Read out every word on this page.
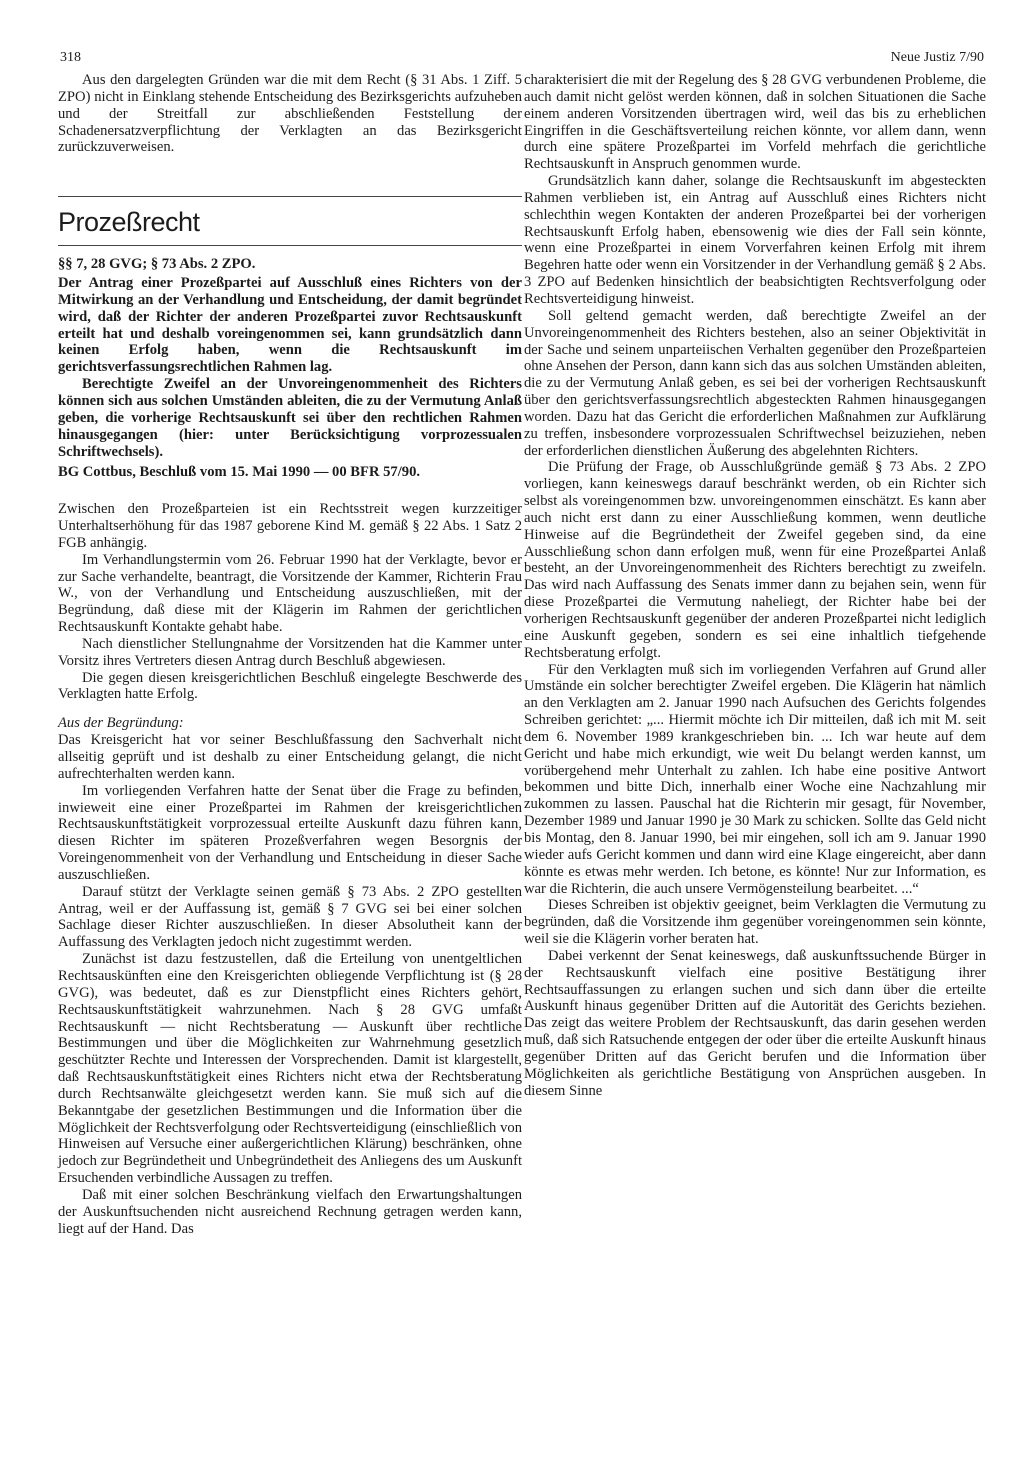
318	Neue Justiz 7/90

Aus den dargelegten Gründen war die mit dem Recht (§ 31 Abs. 1 Ziff. 5 ZPO) nicht in Einklang stehende Entscheidung des Bezirksgerichts aufzuheben und der Streitfall zur abschließenden Feststellung der Schadenersatzverpflichtung der Verklagten an das Bezirksgericht zurückzuverweisen.

Prozeßrecht
§§ 7, 28 GVG; § 73 Abs. 2 ZPO.

Der Antrag einer Prozeßpartei auf Ausschluß eines Richters von der Mitwirkung an der Verhandlung und Entscheidung, der damit begründet wird, daß der Richter der anderen Prozeßpartei zuvor Rechtsauskunft erteilt hat und deshalb voreingenommen sei, kann grundsätzlich dann keinen Erfolg haben, wenn die Rechtsauskunft im gerichtsverfassungsrechtlichen Rahmen lag.

Berechtigte Zweifel an der Unvoreingenommenheit des Richters können sich aus solchen Umständen ableiten, die zu der Vermutung Anlaß geben, die vorherige Rechtsauskunft sei über den rechtlichen Rahmen hinausgegangen (hier: unter Berücksichtigung vorprozessualen Schriftwechsels).

BG Cottbus, Beschluß vom 15. Mai 1990 — 00 BFR 57/90.

Zwischen den Prozeßparteien ist ein Rechtsstreit wegen kurzzeitiger Unterhaltserhöhung für das 1987 geborene Kind M. gemäß § 22 Abs. 1 Satz 2 FGB anhängig.

Im Verhandlungstermin vom 26. Februar 1990 hat der Verklagte, bevor er zur Sache verhandelte, beantragt, die Vorsitzende der Kammer, Richterin Frau W., von der Verhandlung und Entscheidung auszuschließen, mit der Begründung, daß diese mit der Klägerin im Rahmen der gerichtlichen Rechtsauskunft Kontakte gehabt habe.

Nach dienstlicher Stellungnahme der Vorsitzenden hat die Kammer unter Vorsitz ihres Vertreters diesen Antrag durch Beschluß abgewiesen.

Die gegen diesen kreisgerichtlichen Beschluß eingelegte Beschwerde des Verklagten hatte Erfolg.

Aus der Begründung:

Das Kreisgericht hat vor seiner Beschlußfassung den Sachverhalt nicht allseitig geprüft und ist deshalb zu einer Entscheidung gelangt, die nicht aufrechterhalten werden kann.

Im vorliegenden Verfahren hatte der Senat über die Frage zu befinden, inwieweit eine einer Prozeßpartei im Rahmen der kreisgerichtlichen Rechtsauskunftstätigkeit vorprozessual erteilte Auskunft dazu führen kann, diesen Richter im späteren Prozeßverfahren wegen Besorgnis der Voreingenommenheit von der Verhandlung und Entscheidung in dieser Sache auszuschließen.

Darauf stützt der Verklagte seinen gemäß § 73 Abs. 2 ZPO gestellten Antrag, weil er der Auffassung ist, gemäß § 7 GVG sei bei einer solchen Sachlage dieser Richter auszuschließen. In dieser Absolutheit kann der Auffassung des Verklagten jedoch nicht zugestimmt werden.

Zunächst ist dazu festzustellen, daß die Erteilung von unentgeltlichen Rechtsauskünften eine den Kreisgerichten obliegende Verpflichtung ist (§ 28 GVG), was bedeutet, daß es zur Dienstpflicht eines Richters gehört, Rechtsauskunftstätigkeit wahrzunehmen. Nach § 28 GVG umfaßt Rechtsauskunft — nicht Rechtsberatung — Auskunft über rechtliche Bestimmungen und über die Möglichkeiten zur Wahrnehmung gesetzlich geschützter Rechte und Interessen der Vorsprechenden. Damit ist klargestellt, daß Rechtsauskunftstätigkeit eines Richters nicht etwa der Rechtsberatung durch Rechtsanwälte gleichgesetzt werden kann. Sie muß sich auf die Bekanntgabe der gesetzlichen Bestimmungen und die Information über die Möglichkeit der Rechtsverfolgung oder Rechtsverteidigung (einschließlich von Hinweisen auf Versuche einer außergerichtlichen Klärung) beschränken, ohne jedoch zur Begründetheit und Unbegründetheit des Anliegens des um Auskunft Ersuchenden verbindliche Aussagen zu treffen.

Daß mit einer solchen Beschränkung vielfach den Erwartungshaltungen der Auskunftsuchenden nicht ausreichend Rechnung getragen werden kann, liegt auf der Hand. Das

charakterisiert die mit der Regelung des § 28 GVG verbundenen Probleme, die auch damit nicht gelöst werden können, daß in solchen Situationen die Sache einem anderen Vorsitzenden übertragen wird, weil das bis zu erheblichen Eingriffen in die Geschäftsverteilung reichen könnte, vor allem dann, wenn durch eine spätere Prozeßpartei im Vorfeld mehrfach die gerichtliche Rechtsauskunft in Anspruch genommen wurde.

Grundsätzlich kann daher, solange die Rechtsauskunft im abgesteckten Rahmen verblieben ist, ein Antrag auf Ausschluß eines Richters nicht schlechthin wegen Kontakten der anderen Prozeßpartei bei der vorherigen Rechtsauskunft Erfolg haben, ebensowenig wie dies der Fall sein könnte, wenn eine Prozeßpartei in einem Vorverfahren keinen Erfolg mit ihrem Begehren hatte oder wenn ein Vorsitzender in der Verhandlung gemäß § 2 Abs. 3 ZPO auf Bedenken hinsichtlich der beabsichtigten Rechtsverfolgung oder Rechtsverteidigung hinweist.

Soll geltend gemacht werden, daß berechtigte Zweifel an der Unvoreingenommenheit des Richters bestehen, also an seiner Objektivität in der Sache und seinem unparteiischen Verhalten gegenüber den Prozeßparteien ohne Ansehen der Person, dann kann sich das aus solchen Umständen ableiten, die zu der Vermutung Anlaß geben, es sei bei der vorherigen Rechtsauskunft über den gerichtsverfassungsrechtlich abgesteckten Rahmen hinausgegangen worden. Dazu hat das Gericht die erforderlichen Maßnahmen zur Aufklärung zu treffen, insbesondere vorprozessualen Schriftwechsel beizuziehen, neben der erforderlichen dienstlichen Äußerung des abgelehnten Richters.

Die Prüfung der Frage, ob Ausschlußgründe gemäß § 73 Abs. 2 ZPO vorliegen, kann keineswegs darauf beschränkt werden, ob ein Richter sich selbst als voreingenommen bzw. unvoreingenommen einschätzt. Es kann aber auch nicht erst dann zu einer Ausschließung kommen, wenn deutliche Hinweise auf die Begründetheit der Zweifel gegeben sind, da eine Ausschließung schon dann erfolgen muß, wenn für eine Prozeßpartei Anlaß besteht, an der Unvoreingenommenheit des Richters berechtigt zu zweifeln. Das wird nach Auffassung des Senats immer dann zu bejahen sein, wenn für diese Prozeßpartei die Vermutung naheliegt, der Richter habe bei der vorherigen Rechtsauskunft gegenüber der anderen Prozeßpartei nicht lediglich eine Auskunft gegeben, sondern es sei eine inhaltlich tiefgehende Rechtsberatung erfolgt.

Für den Verklagten muß sich im vorliegenden Verfahren auf Grund aller Umstände ein solcher berechtigter Zweifel ergeben. Die Klägerin hat nämlich an den Verklagten am 2. Januar 1990 nach Aufsuchen des Gerichts folgendes Schreiben gerichtet: „... Hiermit möchte ich Dir mitteilen, daß ich mit M. seit dem 6. November 1989 krankgeschrieben bin. ... Ich war heute auf dem Gericht und habe mich erkundigt, wie weit Du belangt werden kannst, um vorübergehend mehr Unterhalt zu zahlen. Ich habe eine positive Antwort bekommen und bitte Dich, innerhalb einer Woche eine Nachzahlung mir zukommen zu lassen. Pauschal hat die Richterin mir gesagt, für November, Dezember 1989 und Januar 1990 je 30 Mark zu schicken. Sollte das Geld nicht bis Montag, den 8. Januar 1990, bei mir eingehen, soll ich am 9. Januar 1990 wieder aufs Gericht kommen und dann wird eine Klage eingereicht, aber dann könnte es etwas mehr werden. Ich betone, es könnte! Nur zur Information, es war die Richterin, die auch unsere Vermögensteilung bearbeitet. ...“

Dieses Schreiben ist objektiv geeignet, beim Verklagten die Vermutung zu begründen, daß die Vorsitzende ihm gegenüber voreingenommen sein könnte, weil sie die Klägerin vorher beraten hat.

Dabei verkennt der Senat keineswegs, daß auskunftssuchende Bürger in der Rechtsauskunft vielfach eine positive Bestätigung ihrer Rechtsauffassungen zu erlangen suchen und sich dann über die erteilte Auskunft hinaus gegenüber Dritten auf die Autorität des Gerichts beziehen. Das zeigt das weitere Problem der Rechtsauskunft, das darin gesehen werden muß, daß sich Ratsuchende entgegen der oder über die erteilte Auskunft hinaus gegenüber Dritten auf das Gericht berufen und die Information über Möglichkeiten als gerichtliche Bestätigung von Ansprüchen ausgeben. In diesem Sinne
